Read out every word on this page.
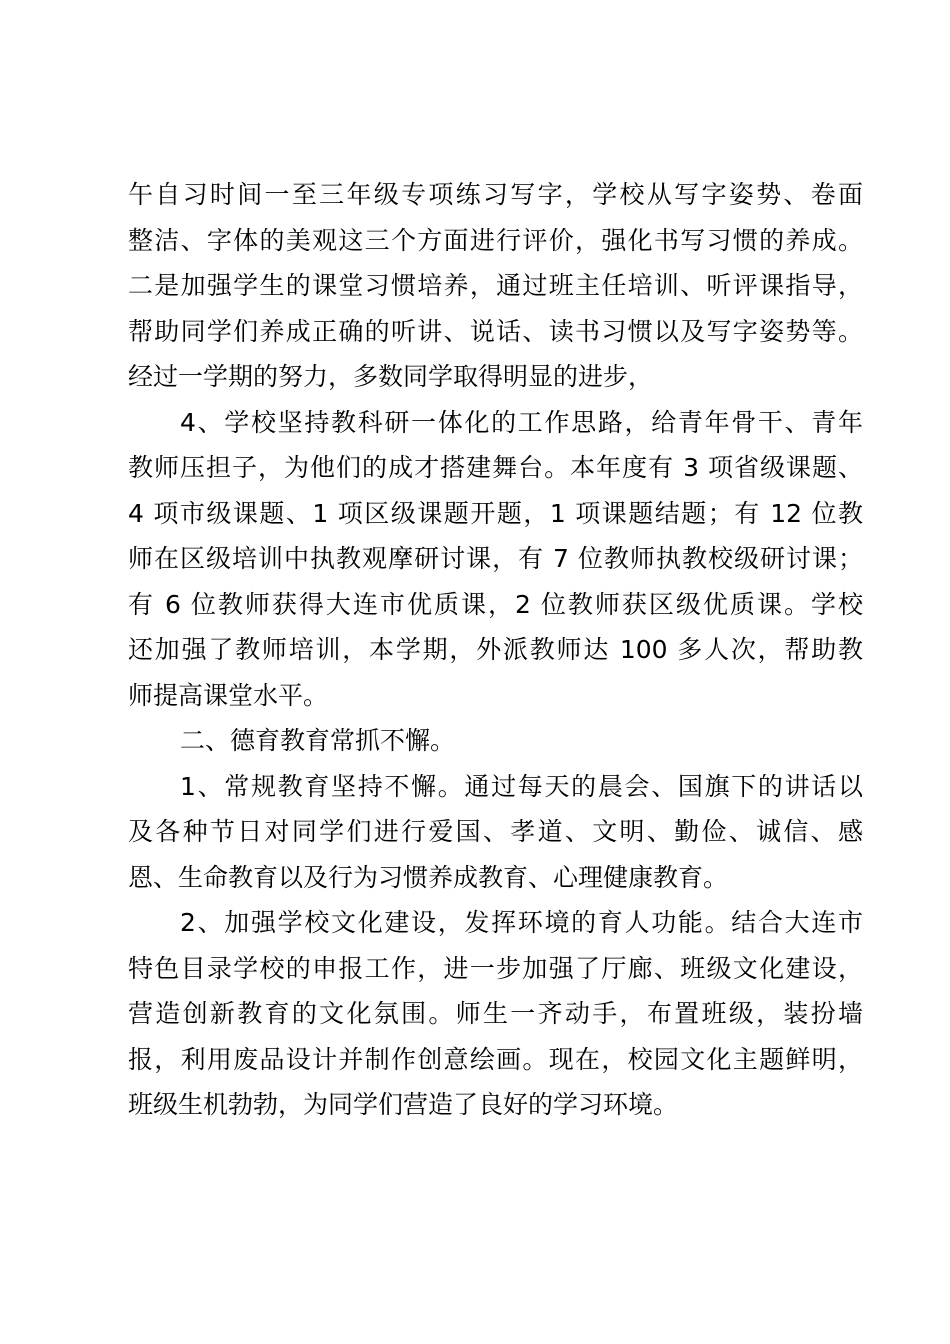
午自习时间一至三年级专项练习写字，学校从写字姿势、卷面
整洁、字体的美观这三个方面进行评价，强化书写习惯的养成。
二是加强学生的课堂习惯培养，通过班主任培训、听评课指导，
帮助同学们养成正确的听讲、说话、读书习惯以及写字姿势等。
经过一学期的努力，多数同学取得明显的进步，
4、学校坚持教科研一体化的工作思路，给青年骨干、青年
教师压担子，为他们的成才搭建舞台。本年度有 3 项省级课题、
4 项市级课题、1 项区级课题开题，1 项课题结题；有 12 位教
师在区级培训中执教观摩研讨课，有 7 位教师执教校级研讨课；
有 6 位教师获得大连市优质课，2 位教师获区级优质课。学校
还加强了教师培训，本学期，外派教师达 100 多人次，帮助教
师提高课堂水平。
二、德育教育常抓不懈。
1、常规教育坚持不懈。通过每天的晨会、国旗下的讲话以
及各种节日对同学们进行爱国、孝道、文明、勤俭、诚信、感
恩、生命教育以及行为习惯养成教育、心理健康教育。
2、加强学校文化建设，发挥环境的育人功能。结合大连市
特色目录学校的申报工作，进一步加强了厅廊、班级文化建设，
营造创新教育的文化氛围。师生一齐动手，布置班级，装扮墙
报，利用废品设计并制作创意绘画。现在，校园文化主题鲜明，
班级生机勃勃，为同学们营造了良好的学习环境。
